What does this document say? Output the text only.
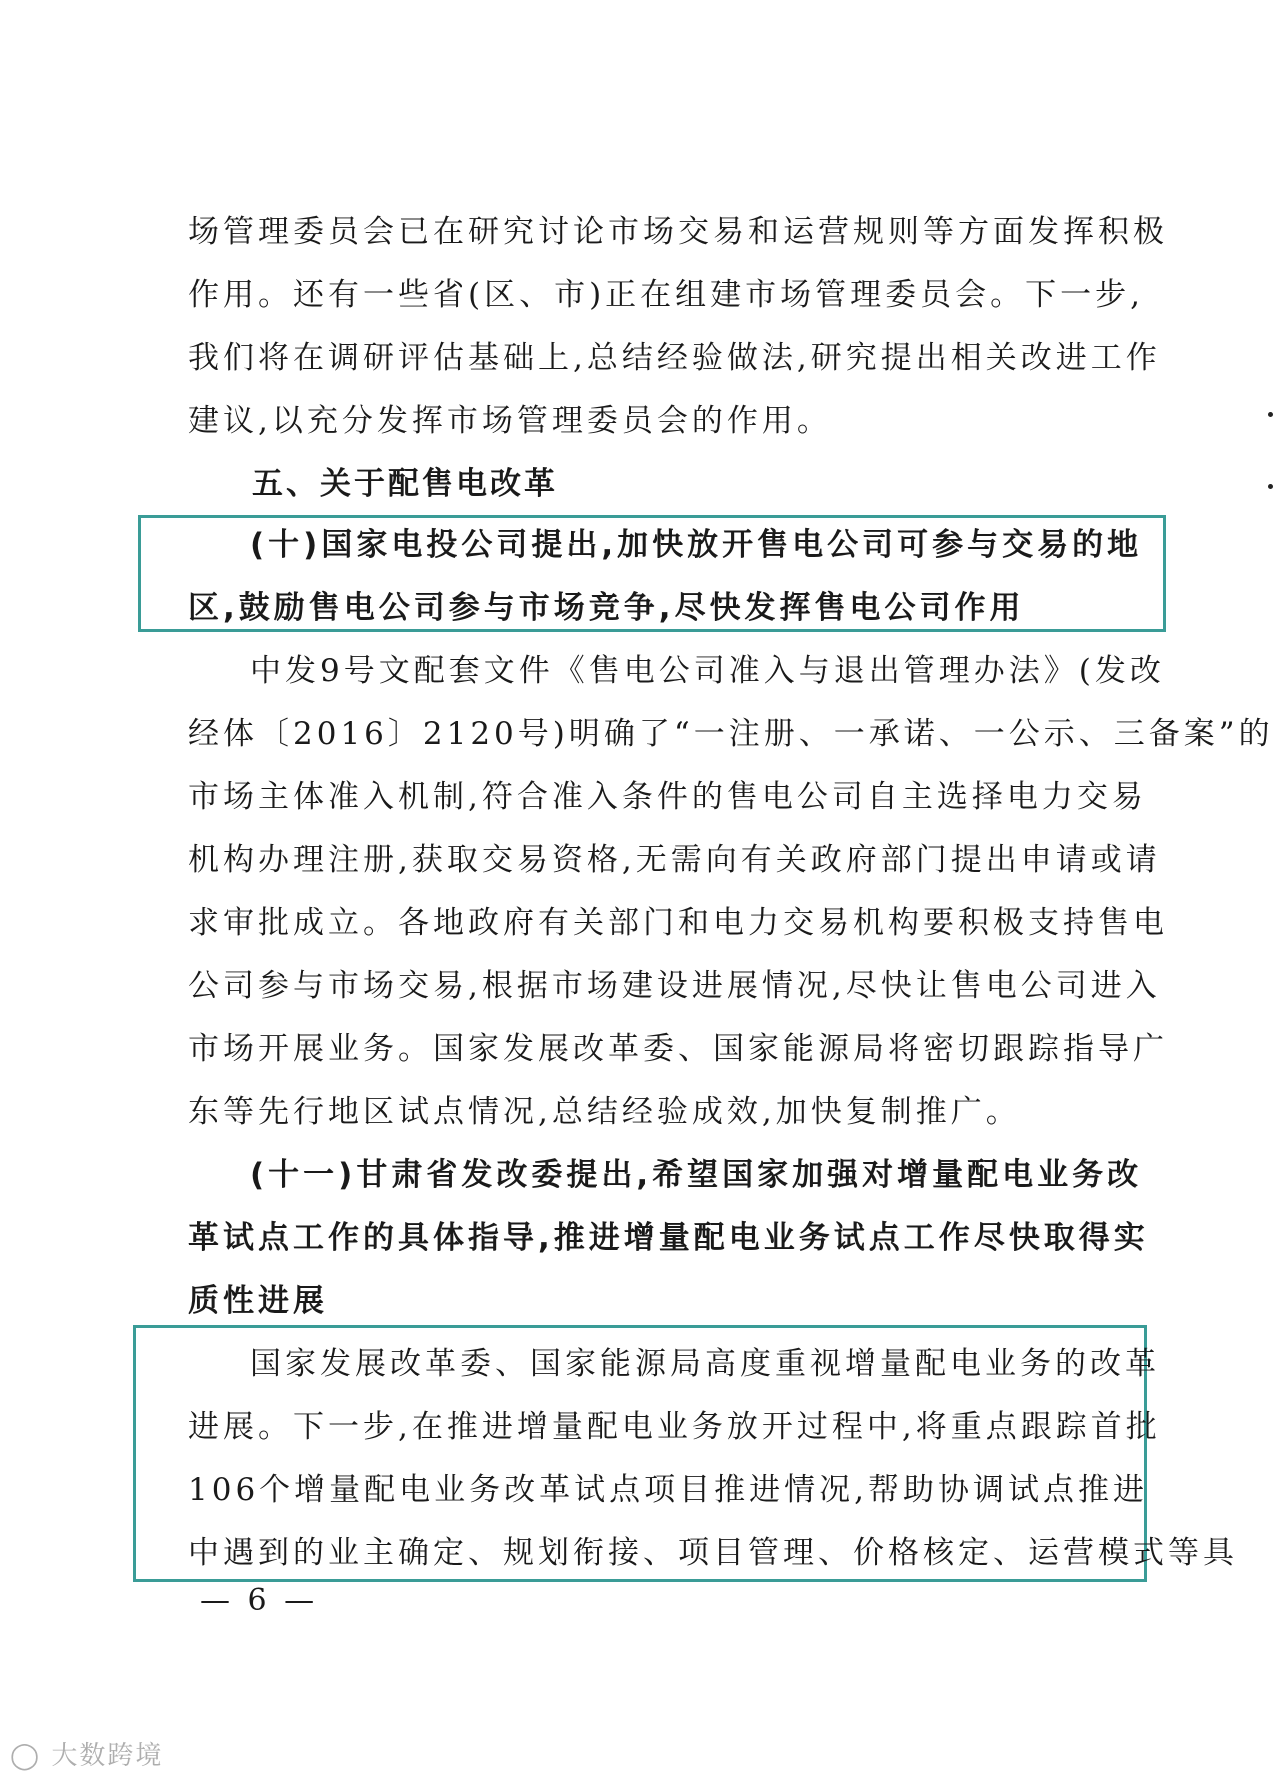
场管理委员会已在研究讨论市场交易和运营规则等方面发挥积极
作用。还有一些省(区、市)正在组建市场管理委员会。下一步,
我们将在调研评估基础上,总结经验做法,研究提出相关改进工作
建议,以充分发挥市场管理委员会的作用。
五、关于配售电改革
(十)国家电投公司提出,加快放开售电公司可参与交易的地
区,鼓励售电公司参与市场竞争,尽快发挥售电公司作用
中发9号文配套文件《售电公司准入与退出管理办法》(发改
经体〔2016〕2120号)明确了“一注册、一承诺、一公示、三备案”的
市场主体准入机制,符合准入条件的售电公司自主选择电力交易
机构办理注册,获取交易资格,无需向有关政府部门提出申请或请
求审批成立。各地政府有关部门和电力交易机构要积极支持售电
公司参与市场交易,根据市场建设进展情况,尽快让售电公司进入
市场开展业务。国家发展改革委、国家能源局将密切跟踪指导广
东等先行地区试点情况,总结经验成效,加快复制推广。
(十一)甘肃省发改委提出,希望国家加强对增量配电业务改
革试点工作的具体指导,推进增量配电业务试点工作尽快取得实
质性进展
国家发展改革委、国家能源局高度重视增量配电业务的改革
进展。下一步,在推进增量配电业务放开过程中,将重点跟踪首批
106个增量配电业务改革试点项目推进情况,帮助协调试点推进
中遇到的业主确定、规划衔接、项目管理、价格核定、运营模式等具
— 6 —
◯ 大数跨境
